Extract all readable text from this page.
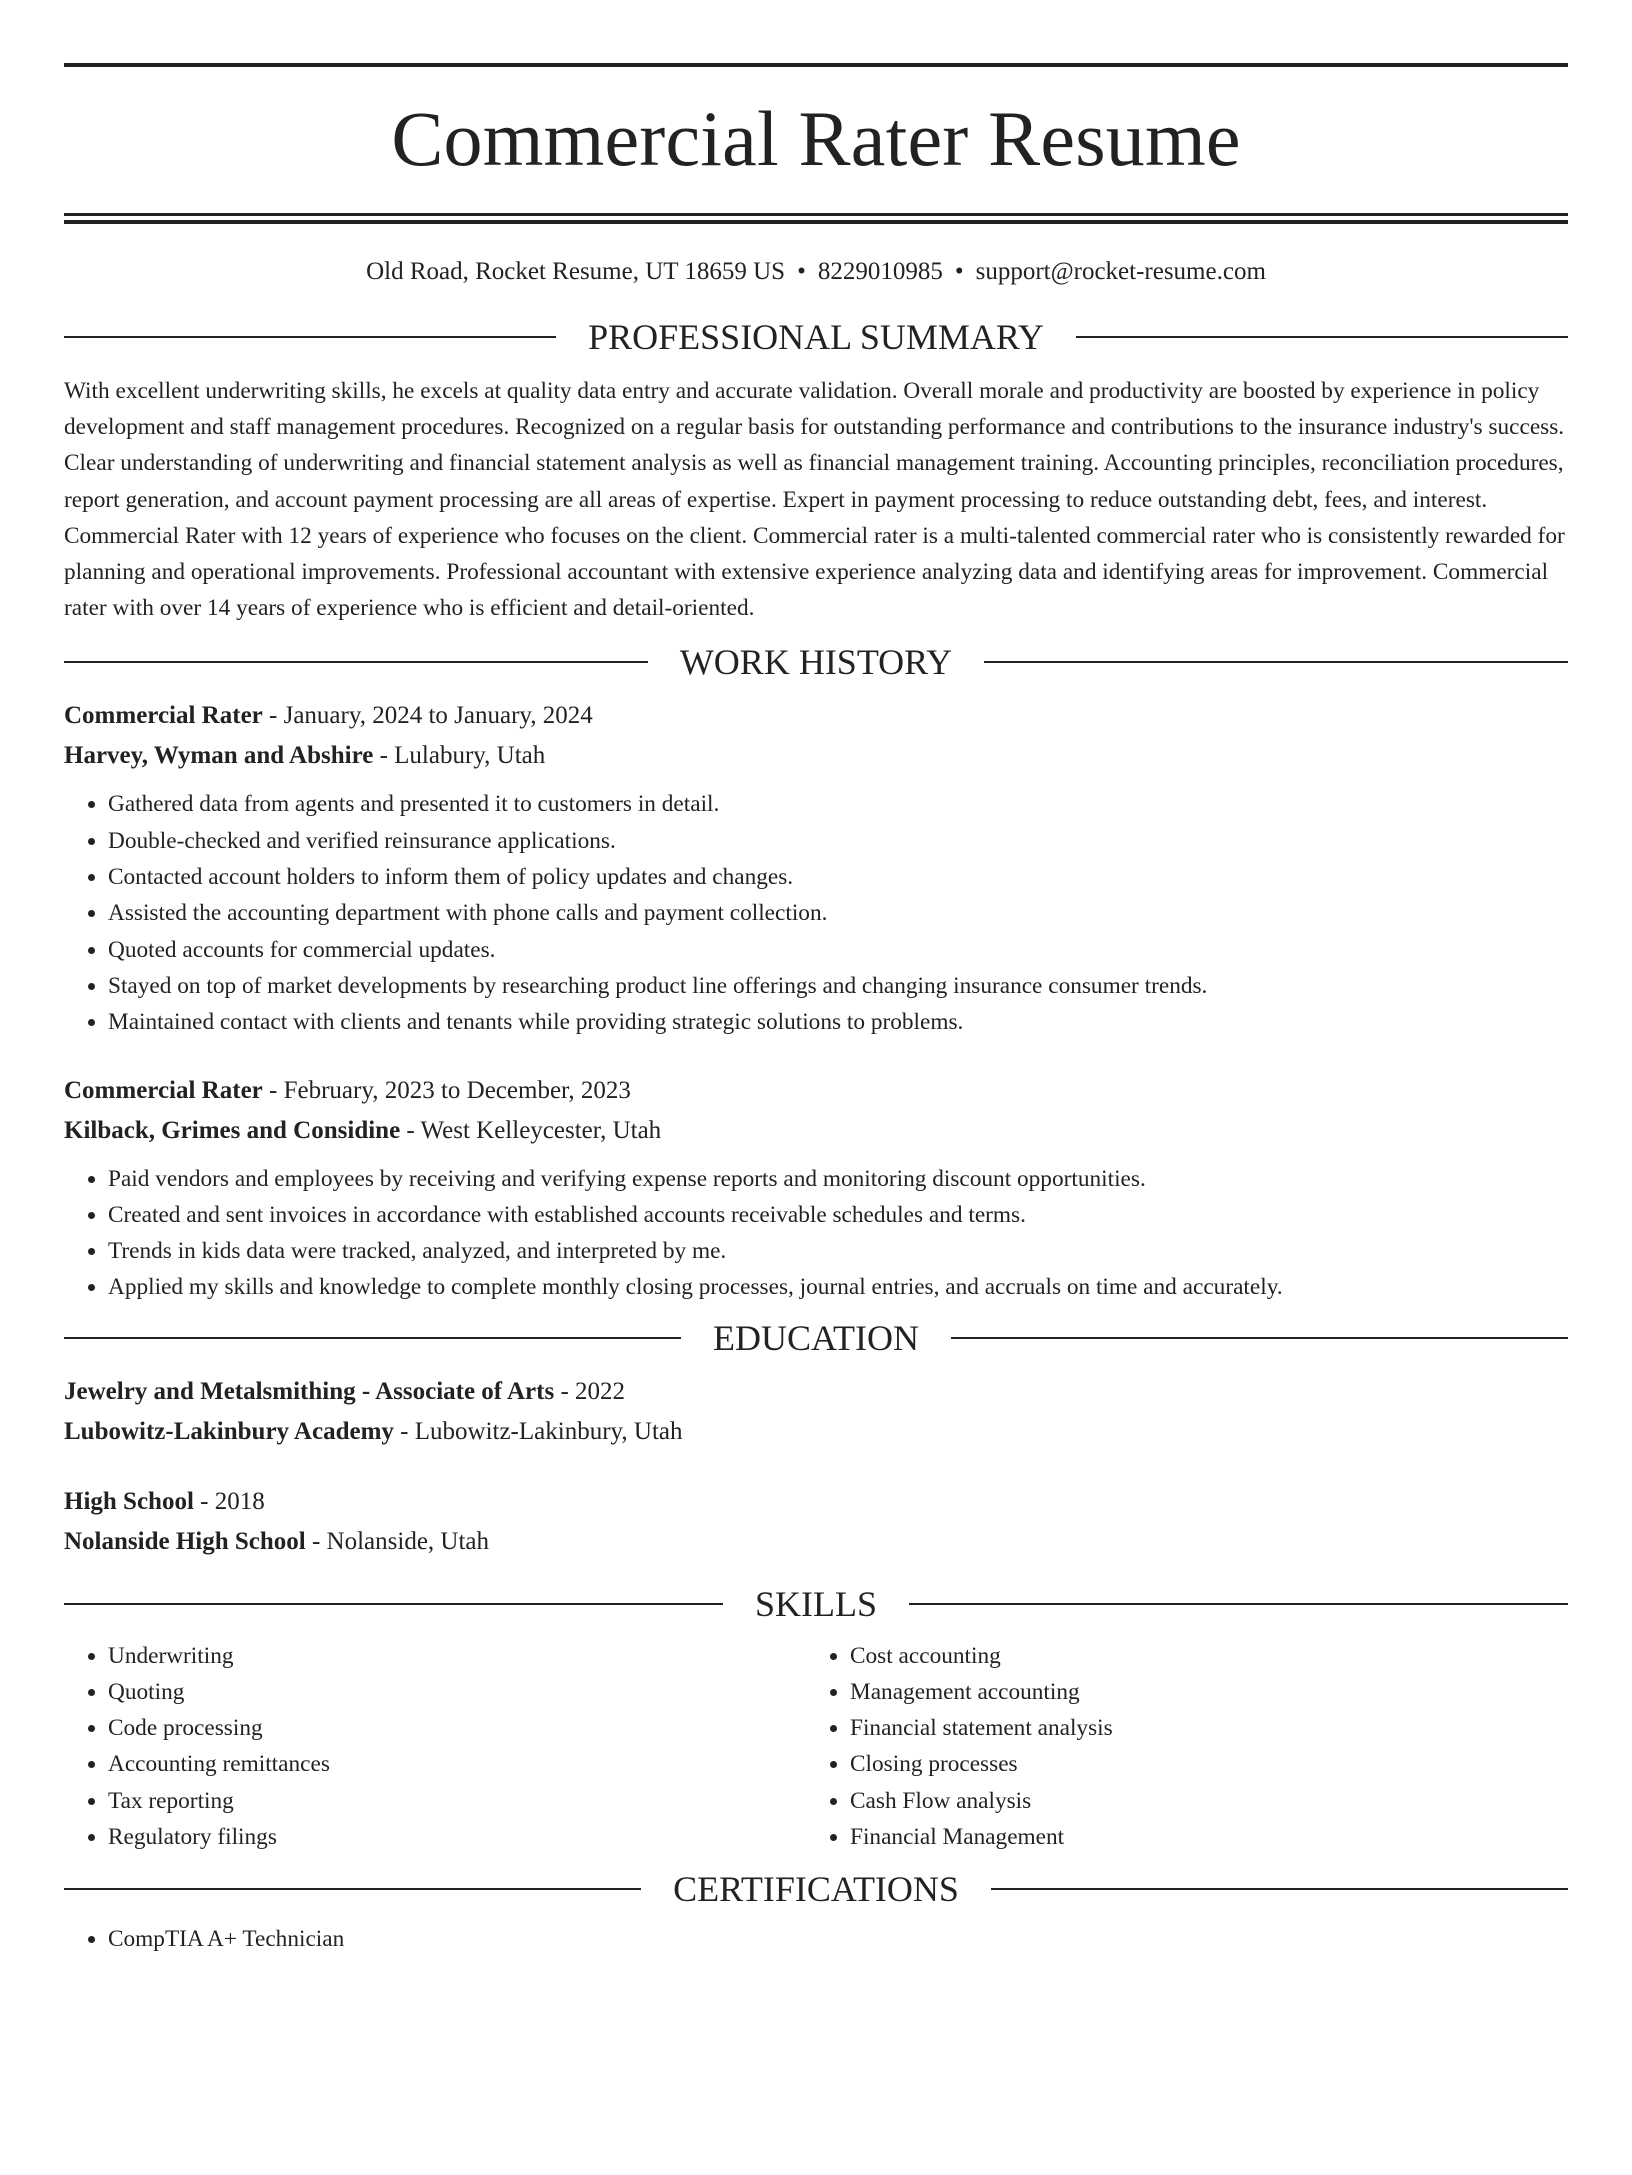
Commercial Rater Resume
Old Road, Rocket Resume, UT 18659 US • 8229010985 • support@rocket-resume.com
PROFESSIONAL SUMMARY

With excellent underwriting skills, he excels at quality data entry and accurate validation. Overall morale and productivity are boosted by experience in policy development and staff management procedures. Recognized on a regular basis for outstanding performance and contributions to the insurance industry's success. Clear understanding of underwriting and financial statement analysis as well as financial management training. Accounting principles, reconciliation procedures, report generation, and account payment processing are all areas of expertise. Expert in payment processing to reduce outstanding debt, fees, and interest. Commercial Rater with 12 years of experience who focuses on the client. Commercial rater is a multi-talented commercial rater who is consistently rewarded for planning and operational improvements. Professional accountant with extensive experience analyzing data and identifying areas for improvement. Commercial rater with over 14 years of experience who is efficient and detail-oriented.

WORK HISTORY
Commercial Rater - January, 2024 to January, 2024
Harvey, Wyman and Abshire - Lulabury, Utah
• Gathered data from agents and presented it to customers in detail.
• Double-checked and verified reinsurance applications.
• Contacted account holders to inform them of policy updates and changes.
• Assisted the accounting department with phone calls and payment collection.
• Quoted accounts for commercial updates.
• Stayed on top of market developments by researching product line offerings and changing insurance consumer trends.
• Maintained contact with clients and tenants while providing strategic solutions to problems.
Commercial Rater - February, 2023 to December, 2023
Kilback, Grimes and Considine - West Kelleycester, Utah
• Paid vendors and employees by receiving and verifying expense reports and monitoring discount opportunities.
• Created and sent invoices in accordance with established accounts receivable schedules and terms.
• Trends in kids data were tracked, analyzed, and interpreted by me.
• Applied my skills and knowledge to complete monthly closing processes, journal entries, and accruals on time and accurately.
EDUCATION
Jewelry and Metalsmithing - Associate of Arts - 2022
Lubowitz-Lakinbury Academy - Lubowitz-Lakinbury, Utah
High School - 2018
Nolanside High School - Nolanside, Utah
SKILLS
• Underwriting
• Quoting
• Code processing
• Accounting remittances
• Tax reporting
• Regulatory filings
• Cost accounting
• Management accounting
• Financial statement analysis
• Closing processes
• Cash Flow analysis
• Financial Management
CERTIFICATIONS
• CompTIA A+ Technician
